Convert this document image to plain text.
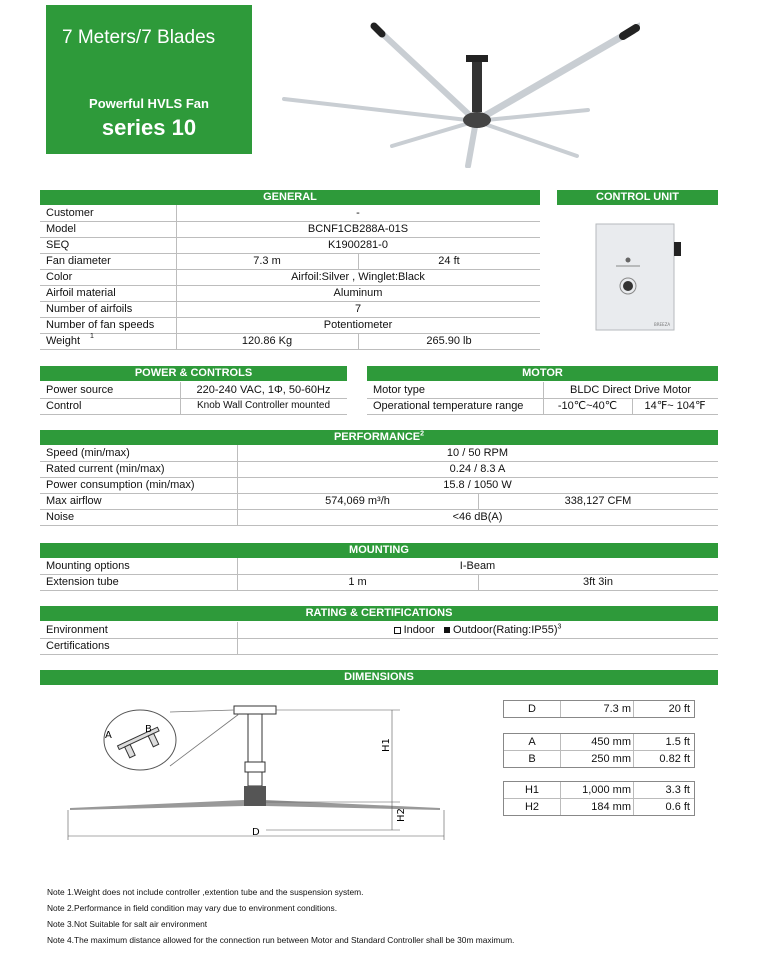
7 Meters/7 Blades
Powerful HVLS Fan
series 10
GENERAL
Customer	-
Model	BCNF1CB288A-01S
SEQ	K1900281-0
Fan diameter	7.3 m	24 ft
Color	Airfoil:Silver , Winglet:Black
Airfoil material	Aluminum
Number of airfoils	7
Number of fan speeds	Potentiometer
Weight 1	120.86 Kg	265.90 lb
CONTROL UNIT
BREEZA
POWER & CONTROLS
Power source	220-240 VAC, 1Φ, 50-60Hz
Control	Knob Wall Controller mounted
MOTOR
Motor type	BLDC Direct Drive Motor
Operational temperature range	-10℃~40℃	14℉~ 104℉
PERFORMANCE$^2$
Speed (min/max)	10 / 50 RPM
Rated current (min/max)	0.24 / 8.3 A
Power consumption (min/max)	15.8 / 1050 W
Max airflow	574,069 m³/h	338,127 CFM
Noise	<46 dB(A)
MOUNTING
Mounting options	I-Beam
Extension tube	1 m	3ft 3in
RATING & CERTIFICATIONS
Environment	Indoor Outdoor(Rating:IP55)$^3$
Certifications
DIMENSIONS
A
B
H1
H2
D
D	7.3 m	20 ft
A	450 mm	1.5 ft
B	250 mm	0.82 ft
H1	1,000 mm	3.3 ft
H2	184 mm	0.6 ft
Note 1.Weight does not include controller ,extention tube and the suspension system.
Note 2.Performance in field condition may vary due to environment conditions.
Note 3.Not Suitable for salt air environment
Note 4.The maximum distance allowed for the connection run between Motor and Standard Controller shall be 30m maximum.
